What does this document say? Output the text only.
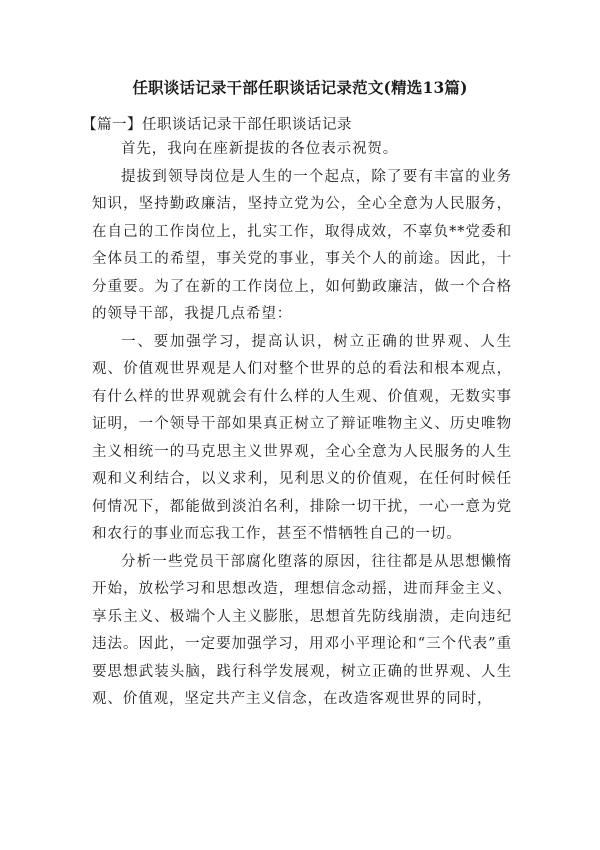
任职谈话记录干部任职谈话记录范文(精选13篇)
【篇一】任职谈话记录干部任职谈话记录

首先，我向在座新提拔的各位表示祝贺。

提拔到领导岗位是人生的一个起点，除了要有丰富的业务知识，坚持勤政廉洁，坚持立党为公，全心全意为人民服务，在自己的工作岗位上，扎实工作，取得成效，不辜负**党委和全体员工的希望，事关党的事业，事关个人的前途。因此，十分重要。为了在新的工作岗位上，如何勤政廉洁，做一个合格的领导干部，我提几点希望：

一、要加强学习，提高认识，树立正确的世界观、人生观、价值观世界观是人们对整个世界的总的看法和根本观点，有什么样的世界观就会有什么样的人生观、价值观，无数实事证明，一个领导干部如果真正树立了辩证唯物主义、历史唯物主义相统一的马克思主义世界观，全心全意为人民服务的人生观和义利结合，以义求利，见利思义的价值观，在任何时候任何情况下，都能做到淡泊名利，排除一切干扰，一心一意为党和农行的事业而忘我工作，甚至不惜牺牲自己的一切。

分析一些党员干部腐化堕落的原因，往往都是从思想懒惰开始，放松学习和思想改造，理想信念动摇，进而拜金主义、享乐主义、极端个人主义膨胀，思想首先防线崩溃，走向违纪违法。因此，一定要加强学习，用邓小平理论和“三个代表”重要思想武装头脑，践行科学发展观，树立正确的世界观、人生观、价值观，坚定共产主义信念，在改造客观世界的同时，
